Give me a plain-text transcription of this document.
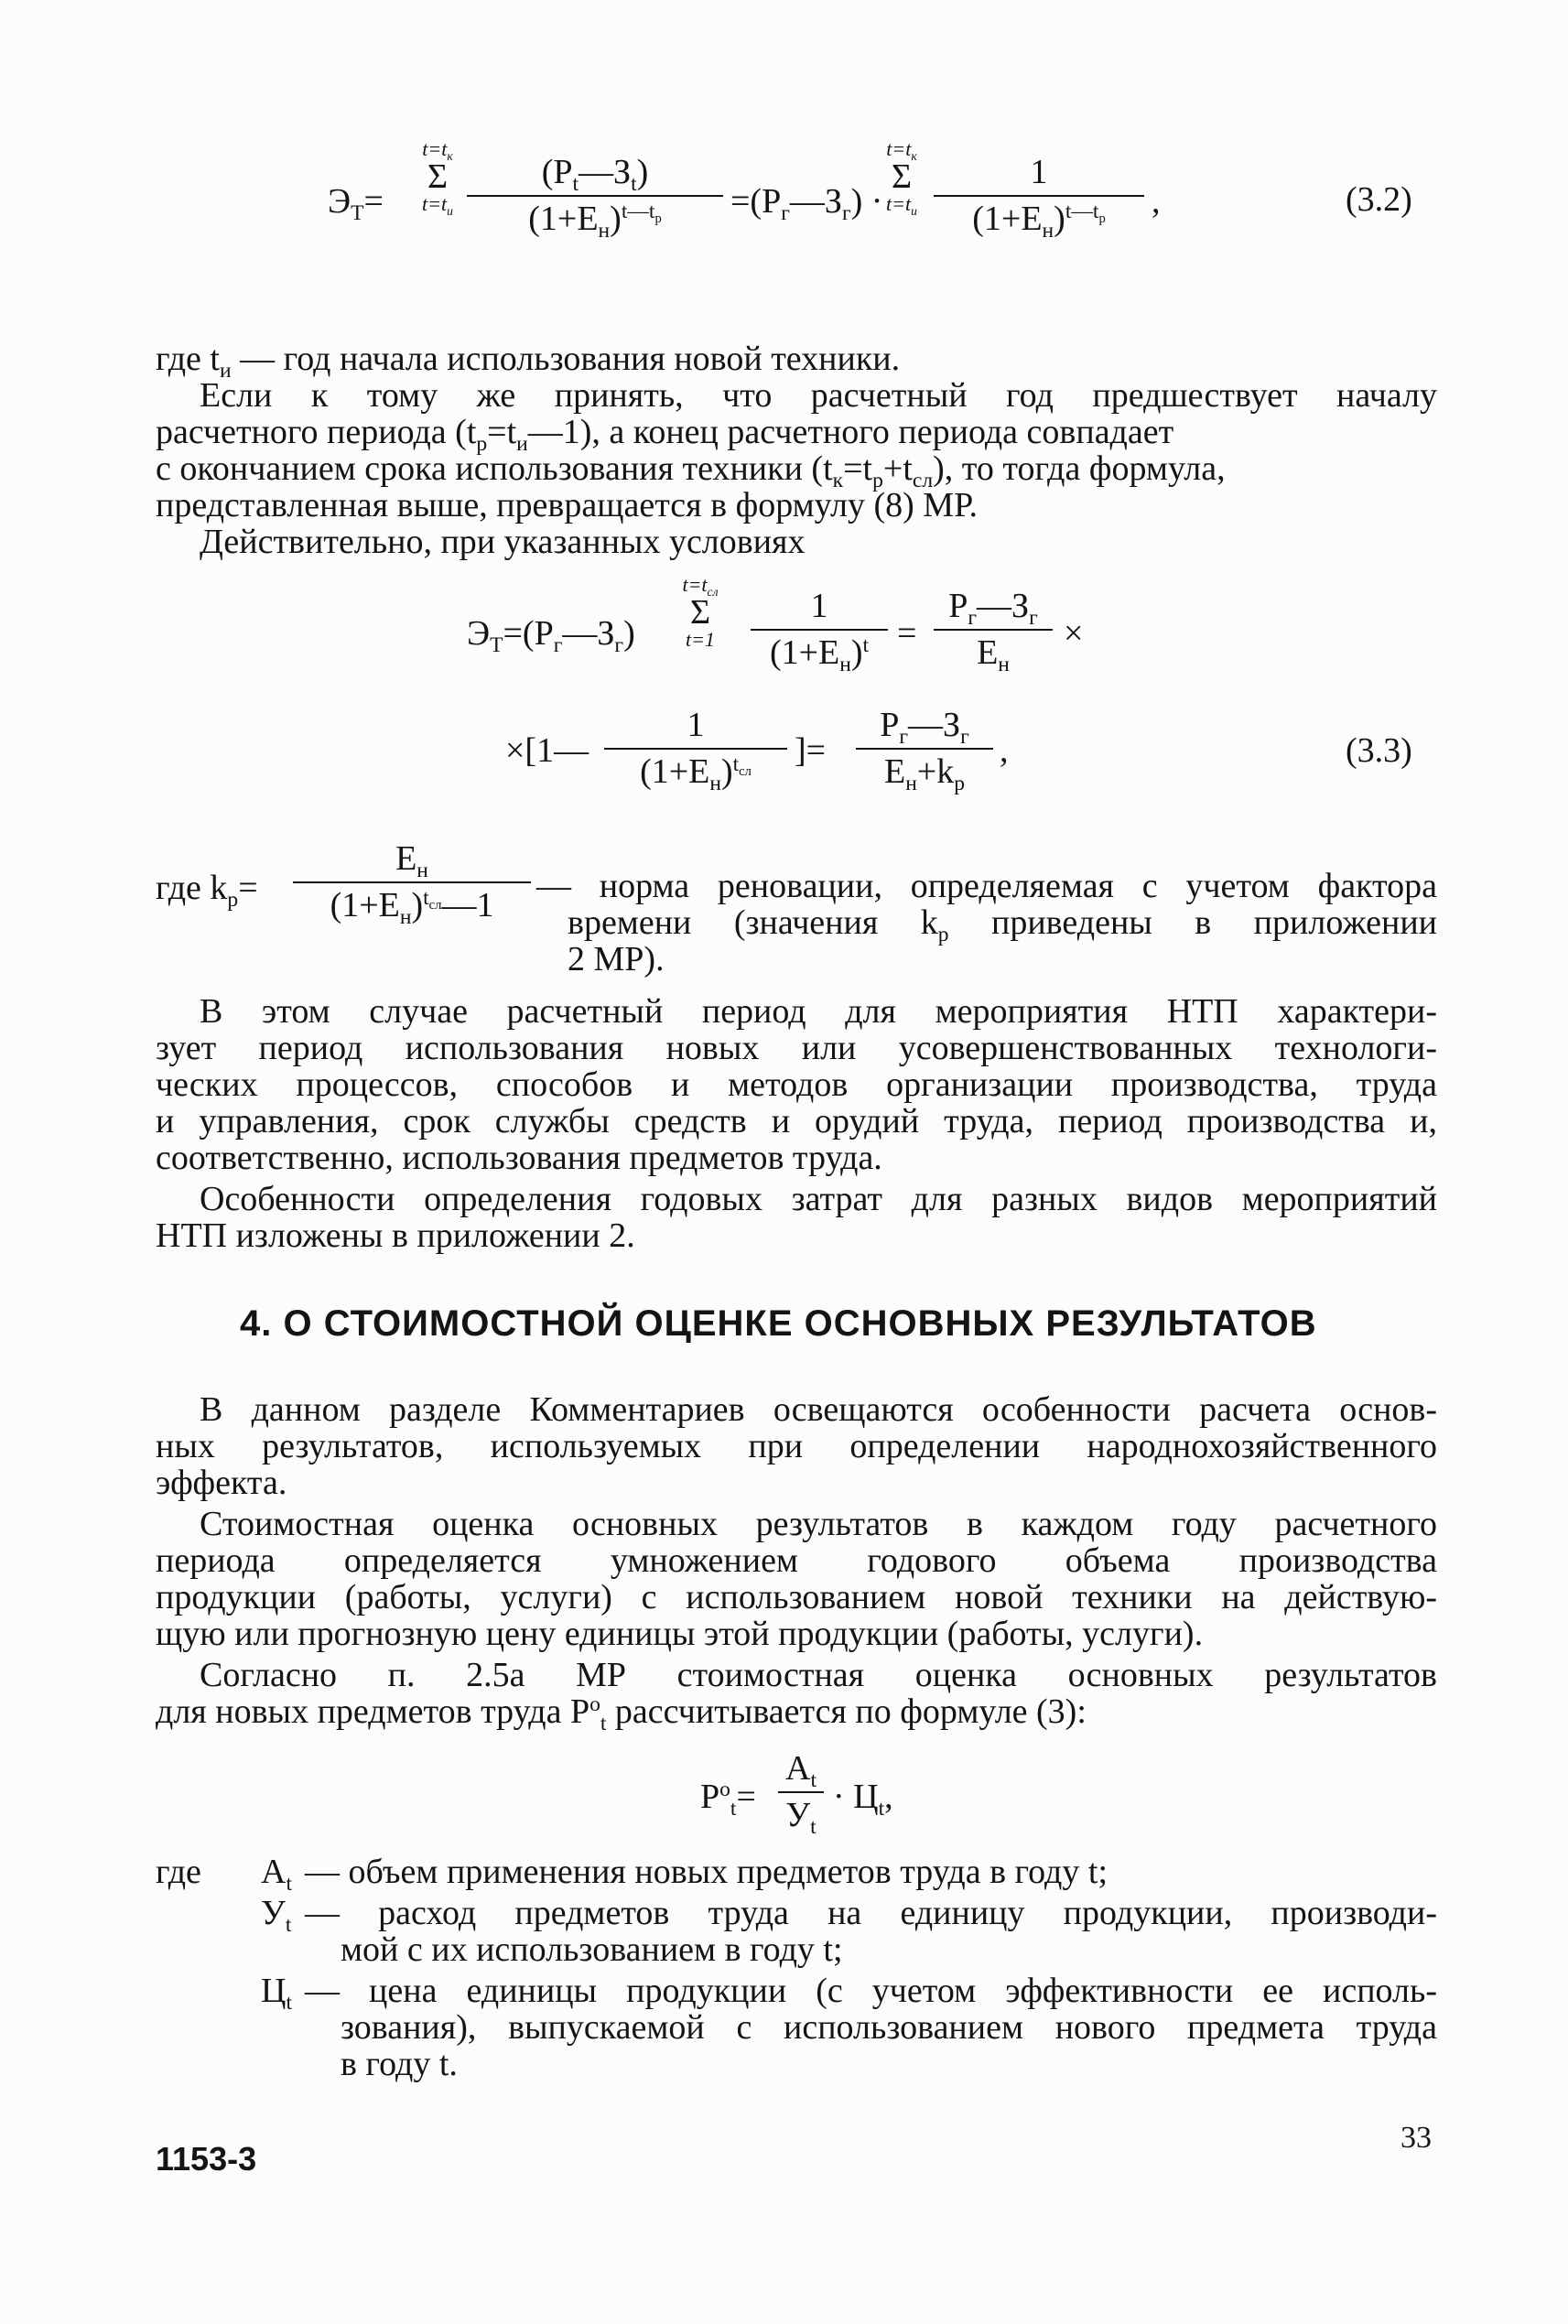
$Э_Т=$
$t=t_к$
Σ
$t=t_и$
$(Р_t—З_t)$
$(1+Е_н)^{t—t_р}$	$=(Р_г—З_г)$ ·
$t=t_к$
Σ
$t=t_и$
1
$(1+Е_н)^{t—t_р}$	,	(3.2)
где $t_и$ — год начала использования новой техники.
Если к тому же принять, что расчетный год предшествует началу
расчетного периода $(t_р=t_и—1)$, а конец расчетного периода совпадает
с окончанием срока использования техники $(t_к=t_р+t_{сл})$, то тогда формула,
представленная выше, превращается в формулу (8) МР.
Действительно, при указанных условиях
$Э_Т=(Р_г—З_г)$
$t=t_{сл}$
Σ
t=1
1
$(1+Е_н)^t$ =
$Р_г—З_г$
$Е_н$
×
×[1—
1
$(1+Е_н)^{t_{сл}}$
]=
$Р_г—З_г$
$Е_н+k_р$
,	(3.3)
где $k_р=$
$Е_н$
$(1+Е_н)^{t_{сл}}—1$
— норма реновации, определяемая с учетом фактора
времени (значения $k_р$ приведены в приложении
2 МР).
В этом случае расчетный период для мероприятия НТП характери-
зует период использования новых или усовершенствованных технологи-
ческих процессов, способов и методов организации производства, труда
и управления, срок службы средств и орудий труда, период производства и,
соответственно, использования предметов труда.
Особенности определения годовых затрат для разных видов мероприятий
НТП изложены в приложении 2.
4. О СТОИМОСТНОЙ ОЦЕНКЕ ОСНОВНЫХ РЕЗУЛЬТАТОВ
В данном разделе Комментариев освещаются особенности расчета основ-
ных результатов, используемых при определении народнохозяйственного
эффекта.
Стоимостная оценка основных результатов в каждом году расчетного
периода определяется умножением годового объема производства
продукции (работы, услуги) с использованием новой техники на действую-
щую или прогнозную цену единицы этой продукции (работы, услуги).
Согласно п. 2.5а МР стоимостная оценка основных результатов
для новых предметов труда $Р^о_t$ рассчитывается по формуле (3):
$Р^о_t=$
$А_t$
$У_t$
· $Ц_t$,
где $А_t$ — объем применения новых предметов труда в году t;
$У_t$ — расход предметов труда на единицу продукции, производи-
мой с их использованием в году t;
$Ц_t$ — цена единицы продукции (с учетом эффективности ее исполь-
зования), выпускаемой с использованием нового предмета труда
в году t.
1153-3
33
